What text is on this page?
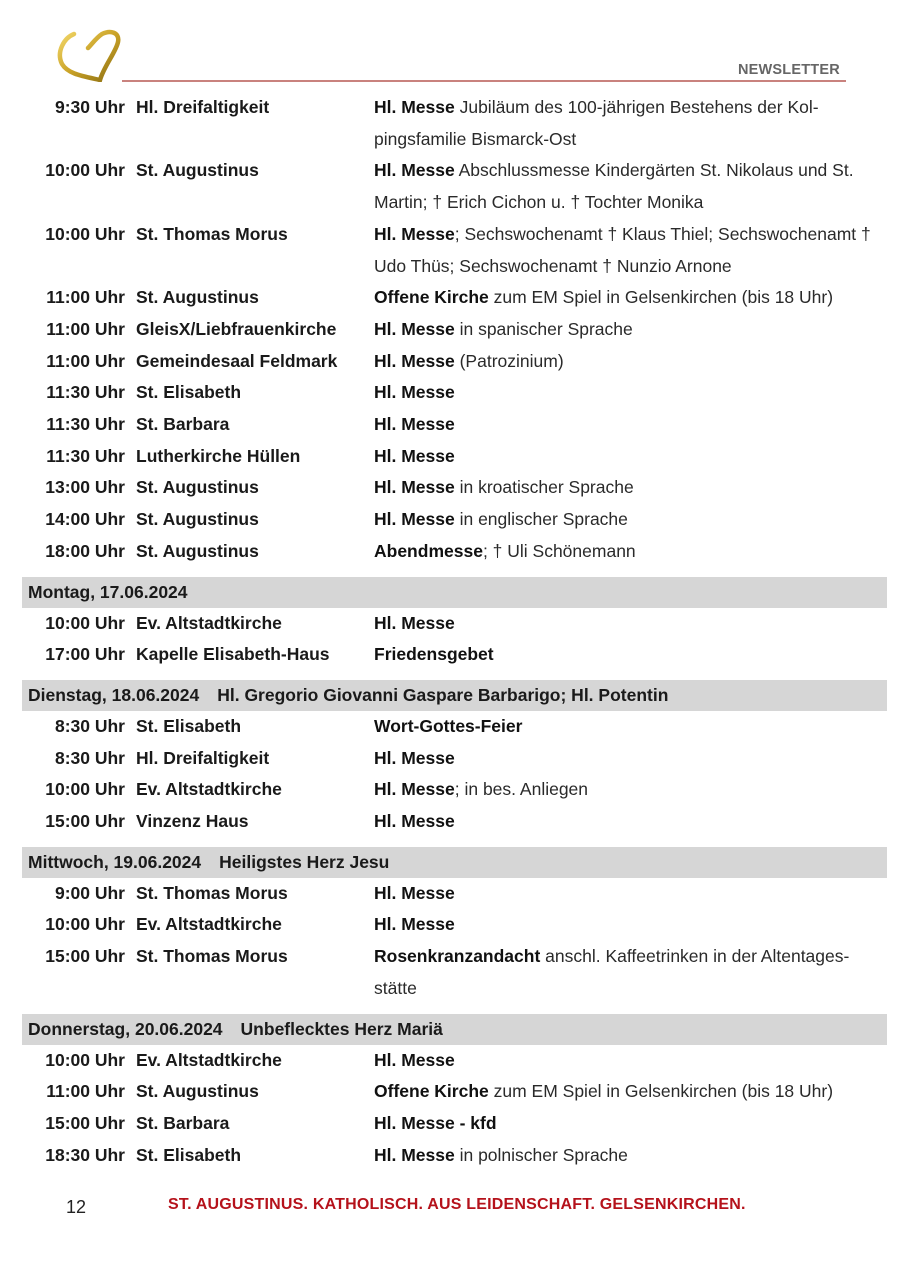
NEWSLETTER
9:30 Uhr Hl. Dreifaltigkeit	Hl. Messe Jubiläum des 100-jährigen Bestehens der Kol-pingsfamilie Bismarck-Ost
10:00 Uhr St. Augustinus	Hl. Messe Abschlussmesse Kindergärten St. Nikolaus und St. Martin; † Erich Cichon u. † Tochter Monika
10:00 Uhr St. Thomas Morus	Hl. Messe; Sechswochenamt † Klaus Thiel; Sechswochenamt † Udo Thüs; Sechswochenamt † Nunzio Arnone
11:00 Uhr St. Augustinus	Offene Kirche zum EM Spiel in Gelsenkirchen (bis 18 Uhr)
11:00 Uhr GleisX/Liebfrauenkirche	Hl. Messe in spanischer Sprache
11:00 Uhr Gemeindesaal Feldmark	Hl. Messe (Patrozinium)
11:30 Uhr St. Elisabeth	Hl. Messe
11:30 Uhr St. Barbara	Hl. Messe
11:30 Uhr Lutherkirche Hüllen	Hl. Messe
13:00 Uhr St. Augustinus	Hl. Messe in kroatischer Sprache
14:00 Uhr St. Augustinus	Hl. Messe in englischer Sprache
18:00 Uhr St. Augustinus	Abendmesse; † Uli Schönemann
Montag, 17.06.2024
10:00 Uhr Ev. Altstadtkirche	Hl. Messe
17:00 Uhr Kapelle Elisabeth-Haus	Friedensgebet
Dienstag, 18.06.2024 Hl. Gregorio Giovanni Gaspare Barbarigo; Hl. Potentin
8:30 Uhr St. Elisabeth	Wort-Gottes-Feier
8:30 Uhr Hl. Dreifaltigkeit	Hl. Messe
10:00 Uhr Ev. Altstadtkirche	Hl. Messe; in bes. Anliegen
15:00 Uhr Vinzenz Haus	Hl. Messe
Mittwoch, 19.06.2024 Heiligstes Herz Jesu
9:00 Uhr St. Thomas Morus	Hl. Messe
10:00 Uhr Ev. Altstadtkirche	Hl. Messe
15:00 Uhr St. Thomas Morus	Rosenkranzandacht anschl. Kaffeetrinken in der Altentages-stätte
Donnerstag, 20.06.2024 Unbeflecktes Herz Mariä
10:00 Uhr Ev. Altstadtkirche	Hl. Messe
11:00 Uhr St. Augustinus	Offene Kirche zum EM Spiel in Gelsenkirchen (bis 18 Uhr)
15:00 Uhr St. Barbara	Hl. Messe - kfd
18:30 Uhr St. Elisabeth	Hl. Messe in polnischer Sprache
12	ST. AUGUSTINUS. KATHOLISCH. AUS LEIDENSCHAFT. GELSENKIRCHEN.
